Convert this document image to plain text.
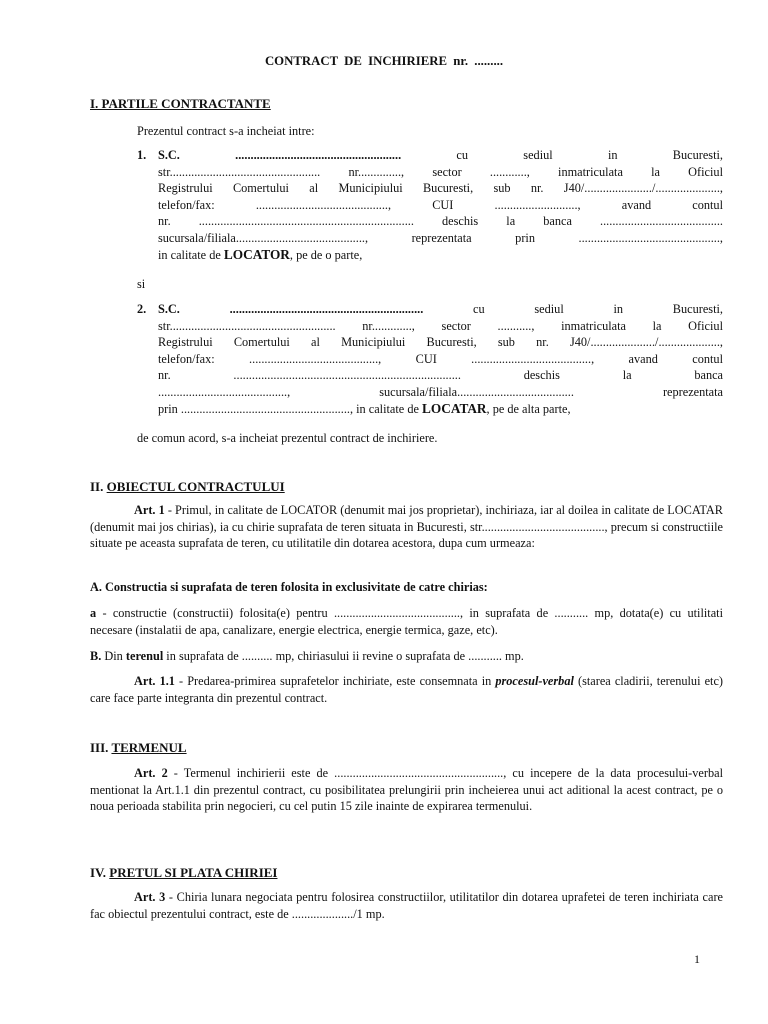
CONTRACT DE INCHIRIERE nr. .........
I. PARTILE CONTRACTANTE
Prezentul contract s-a incheiat intre:
1. S.C.	......................................................	cu	sediul	in	Bucuresti,
str................................................. nr.............., sector ............, inmatriculata la Oficiul
Registrului Comertului al Municipiului Bucuresti, sub nr. J40/....................../.....................,
telefon/fax: ..........................................., CUI ..........................., avand contul
nr. ...................................................................... deschis la banca ........................................
sucursala/filiala.........................................., reprezentata prin ..............................................,
in calitate de LOCATOR, pe de o parte,
si
2. S.C.	...............................................................	cu	sediul	in	Bucuresti,
str...................................................... nr............., sector ..........., inmatriculata la Oficiul
Registrului Comertului al Municipiului Bucuresti, sub nr. J40/...................../....................,
telefon/fax: .........................................., CUI ......................................., avand contul
nr.	..........................................................................	deschis	la	banca
..........................................,	sucursala/filiala......................................	reprezentata
prin ......................................................., in calitate de LOCATAR, pe de alta parte,
de comun acord, s-a incheiat prezentul contract de inchiriere.
II. OBIECTUL CONTRACTULUI
Art. 1 - Primul, in calitate de LOCATOR (denumit mai jos proprietar), inchiriaza, iar al doilea in calitate de LOCATAR (denumit mai jos chirias), ia cu chirie suprafata de teren situata in Bucuresti, str........................................, precum si constructiile situate pe aceasta suprafata de teren, cu utilitatile din dotarea acestora, dupa cum urmeaza:
A. Constructia si suprafata de teren folosita in exclusivitate de catre chirias:
a - constructie (constructii) folosita(e) pentru ........................................., in suprafata de ........... mp, dotata(e) cu utilitati necesare (instalatii de apa, canalizare, energie electrica, energie termica, gaze, etc).
B. Din terenul in suprafata de .......... mp, chiriasului ii revine o suprafata de ........... mp.
Art. 1.1 - Predarea-primirea suprafetelor inchiriate, este consemnata in procesul-verbal (starea cladirii, terenului etc) care face parte integranta din prezentul contract.
III. TERMENUL
Art. 2 - Termenul inchirierii este de ......................................................., cu incepere de la data procesului-verbal mentionat la Art.1.1 din prezentul contract, cu posibilitatea prelungirii prin incheierea unui act aditional la acest contract, pe o noua perioada stabilita prin negocieri, cu cel putin 15 zile inainte de expirarea termenului.
IV. PRETUL SI PLATA CHIRIEI
Art. 3 - Chiria lunara negociata pentru folosirea constructiilor, utilitatilor din dotarea uprafetei de teren inchiriata care fac obiectul prezentului contract, este de ..................../1 mp.
1
